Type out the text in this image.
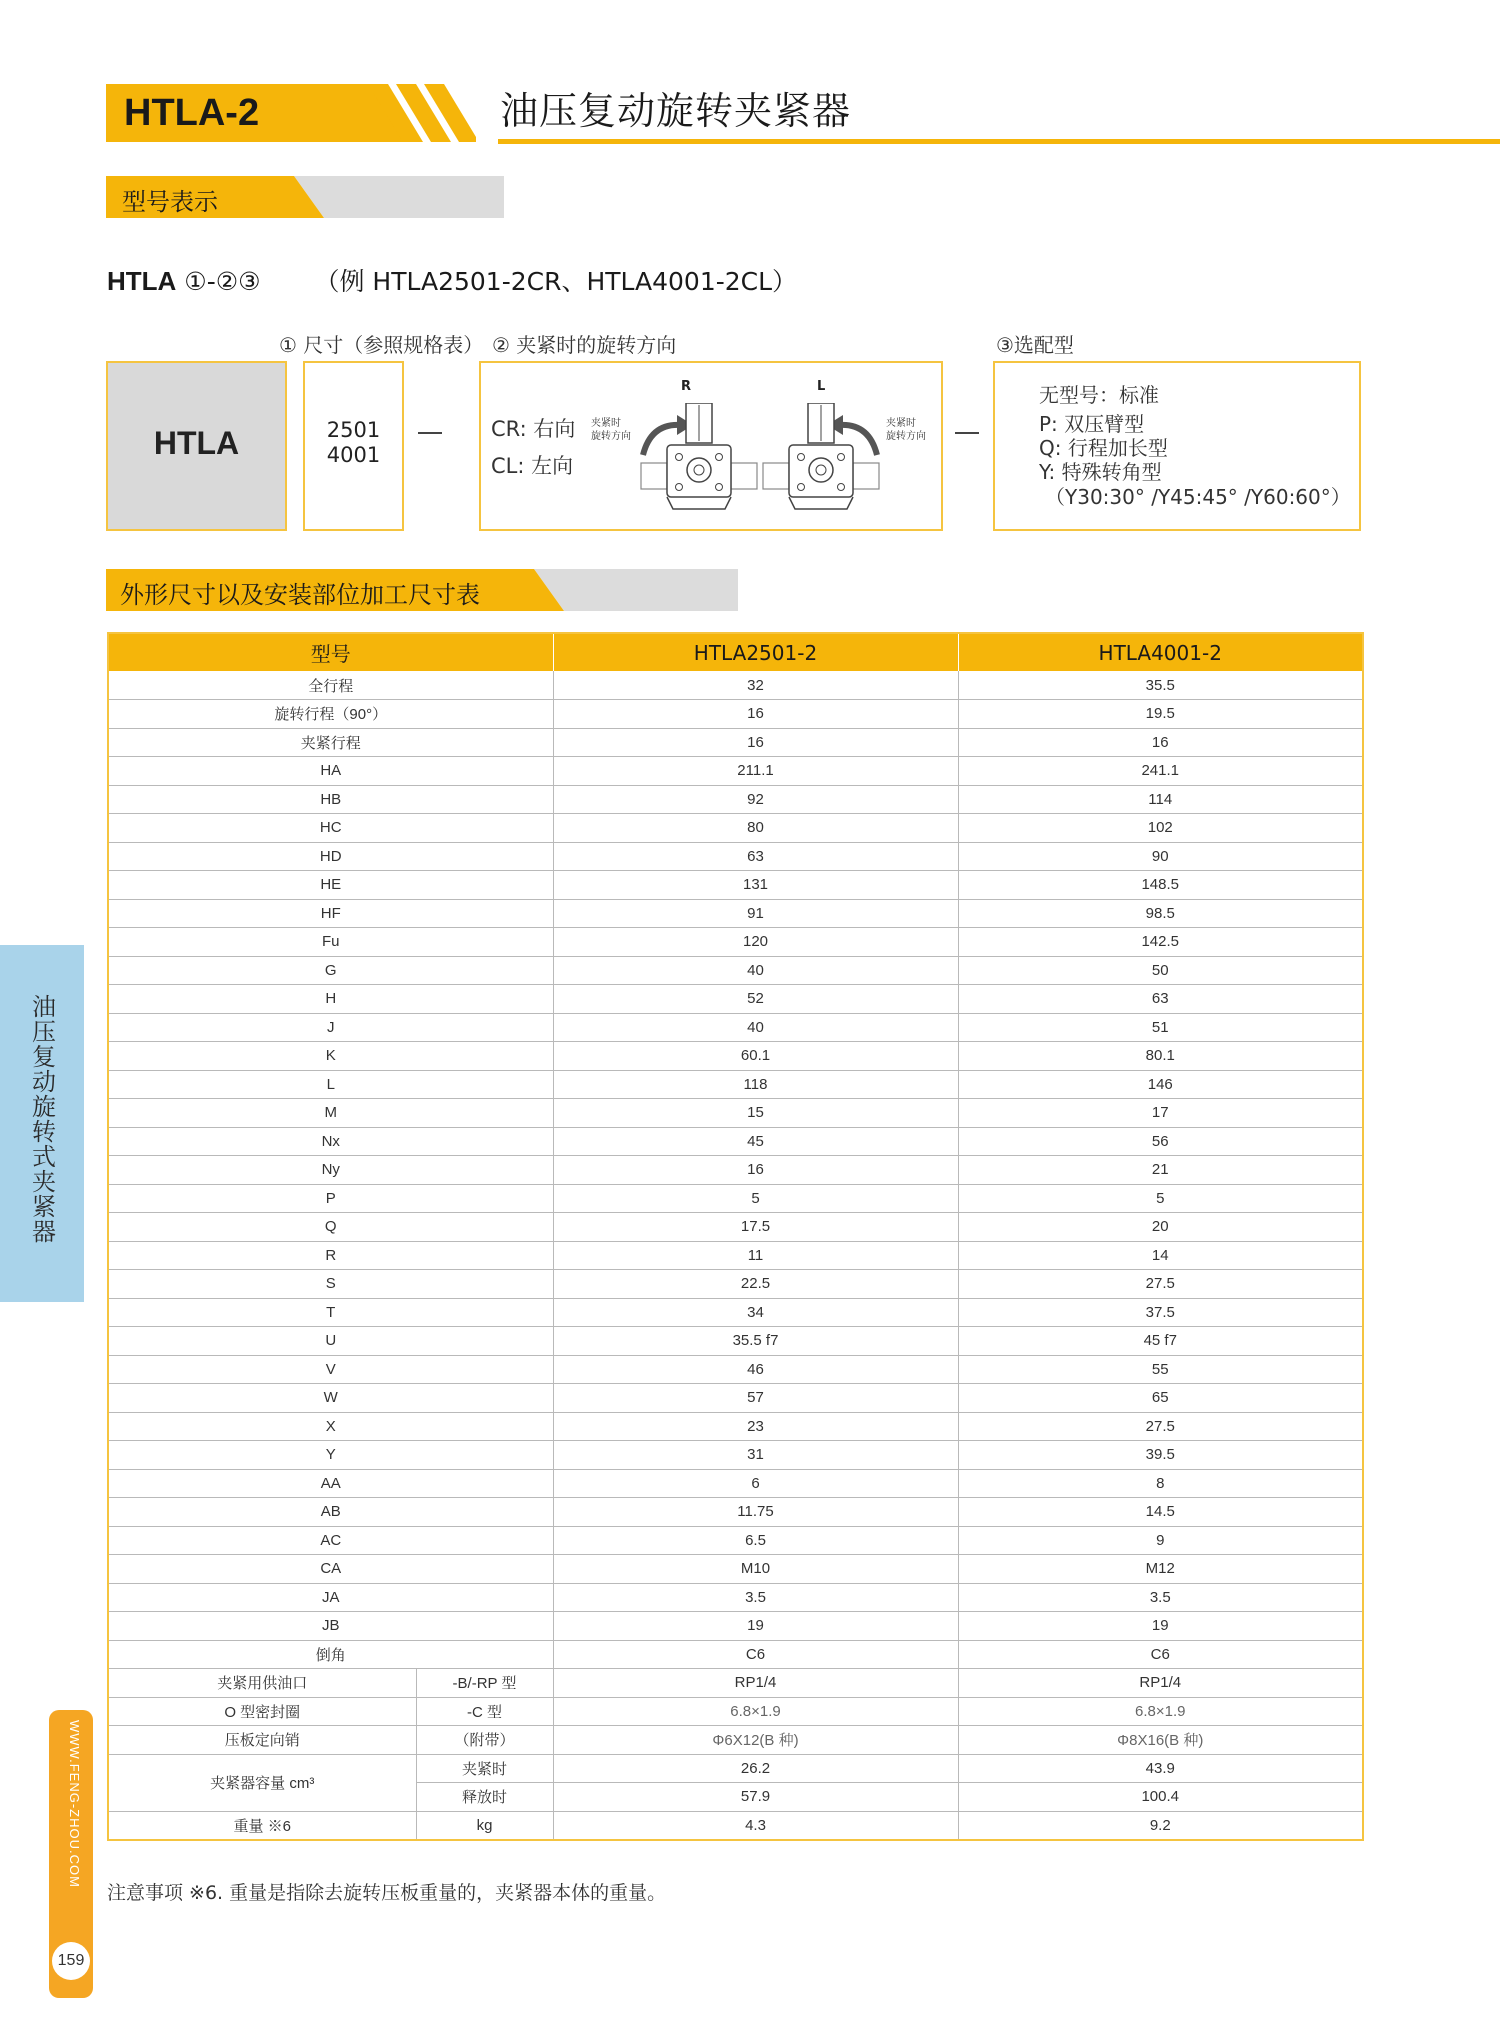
HTLA-2	油压复动旋转夹紧器
型号表示
HTLA ①-②③ （例 HTLA2501-2CR、HTLA4001-2CL）
① 尺寸（参照规格表） ② 夹紧时的旋转方向	③选配型
HTLA	2501
4001
CR: 右向
CL: 左向
R
夹紧时
旋转方向
L
夹紧时
旋转方向
无型号：标准
P: 双压臂型
Q: 行程加长型
Y: 特殊转角型
（Y30:30° /Y45:45° /Y60:60°）
外形尺寸以及安装部位加工尺寸表
型号		HTLA2501-2	HTLA4001-2
全行程		32	35.5
旋转行程（90°）		16	19.5
夹紧行程		16	16
HA		211.1	241.1
HB		92	114
HC		80	102
HD		63	90
HE		131	148.5
HF		91	98.5
Fu		120	142.5
G		40	50
H		52	63
J		40	51
K		60.1	80.1
L		118	146
M		15	17
Nx		45	56
Ny		16	21
P		5	5
Q		17.5	20
R		11	14
S		22.5	27.5
T		34	37.5
U		35.5 f7	45 f7
V		46	55
W		57	65
X		23	27.5
Y		31	39.5
AA		6	8
AB		11.75	14.5
AC		6.5	9
CA		M10	M12
JA		3.5	3.5
JB		19	19
倒角		C6	C6
夹紧用供油口	-B/-RP 型	RP1/4	RP1/4
O 型密封圈	-C 型	6.8×1.9	6.8×1.9
压板定向销	（附带）	Φ6X12(B 种)	Φ8X16(B 种)
夹紧器容量 cm³	夹紧时	26.2	43.9
	释放时	57.9	100.4
重量 ※6	kg	4.3	9.2
注意事项 ※6. 重量是指除去旋转压板重量的，夹紧器本体的重量。
油压复动旋转式夹紧器
WWW.FENG-ZHOU.COM
159
